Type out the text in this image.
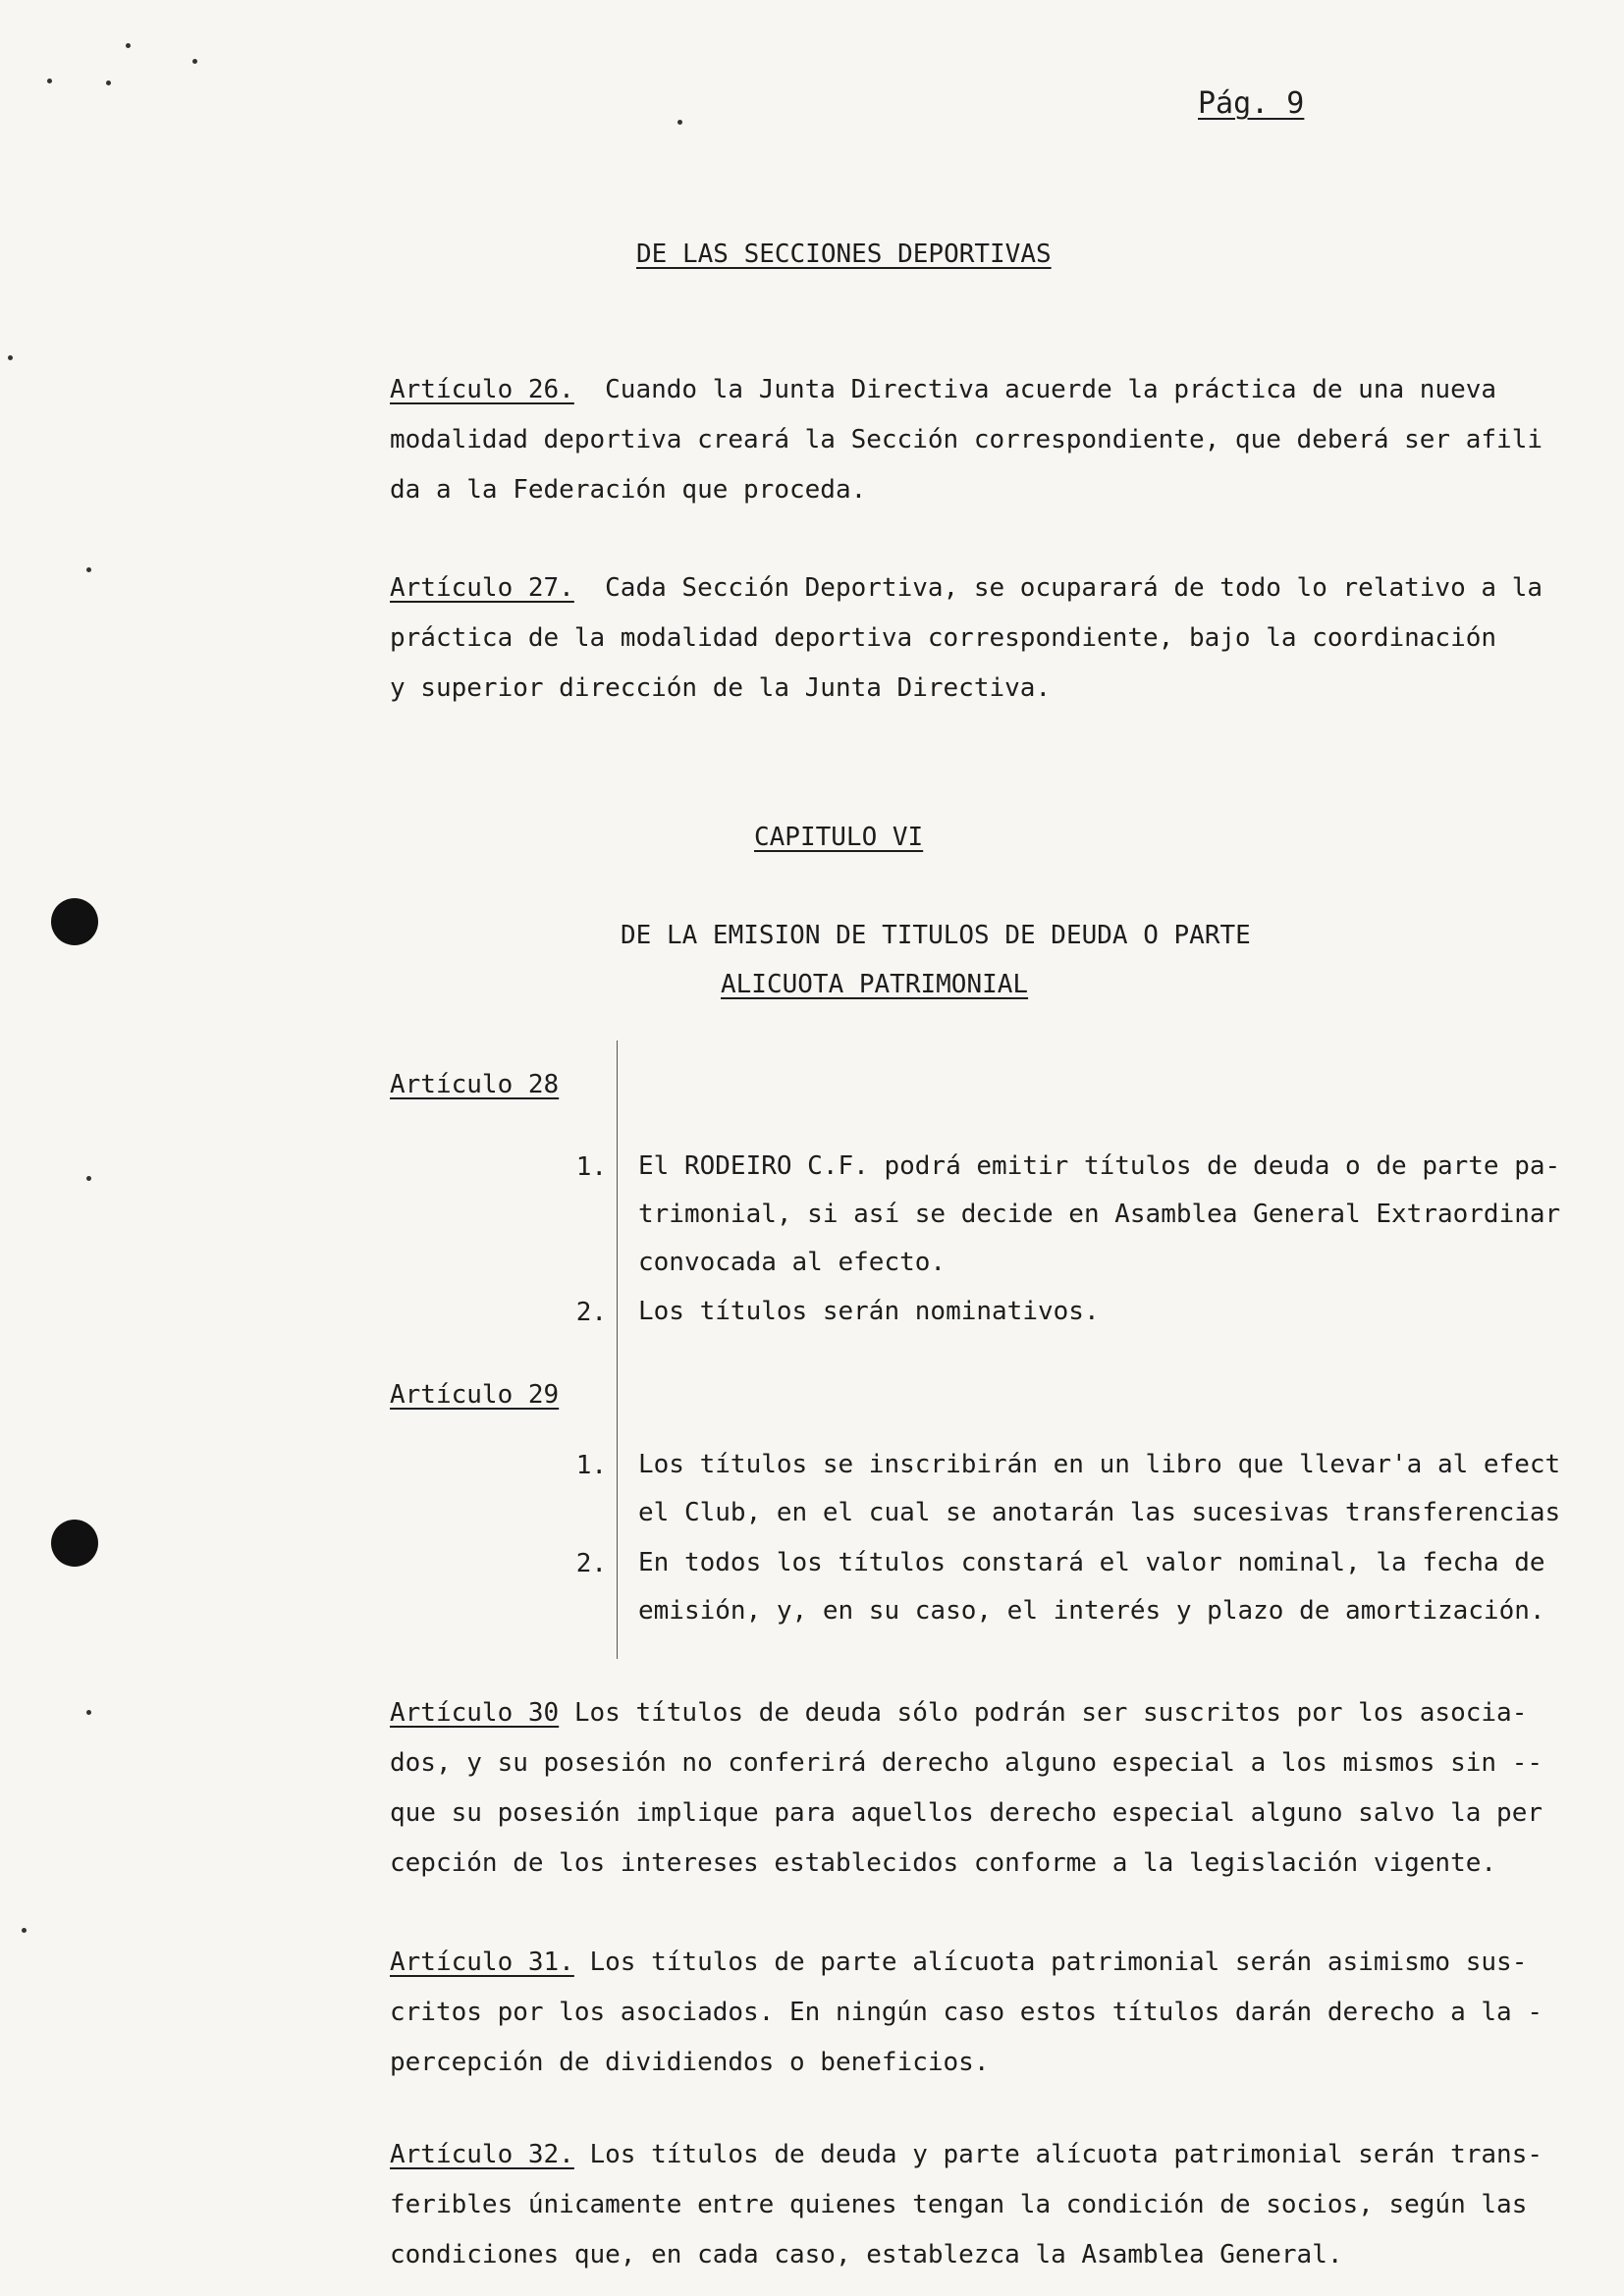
Pág. 9
DE LAS SECCIONES DEPORTIVAS

Artículo 26. Cuando la Junta Directiva acuerde la práctica de una nueva

modalidad deportiva creará la Sección correspondiente, que deberá ser afili

da a la Federación que proceda.

Artículo 27. Cada Sección Deportiva, se ocuparará de todo lo relativo a la

práctica de la modalidad deportiva correspondiente, bajo la coordinación

y superior dirección de la Junta Directiva.

CAPITULO VI
DE LA EMISION DE TITULOS DE DEUDA O PARTE
ALICUOTA PATRIMONIAL
Artículo 28
1. El RODEIRO C.F. podrá emitir títulos de deuda o de parte pa-

trimonial, si así se decide en Asamblea General Extraordinar

convocada al efecto.

2. Los títulos serán nominativos.

Artículo 29
1. Los títulos se inscribirán en un libro que llevar'a al efect

el Club, en el cual se anotarán las sucesivas transferencias

2. En todos los títulos constará el valor nominal, la fecha de

emisión, y, en su caso, el interés y plazo de amortización.

Artículo 30 Los títulos de deuda sólo podrán ser suscritos por los asocia-

dos, y su posesión no conferirá derecho alguno especial a los mismos sin --

que su posesión implique para aquellos derecho especial alguno salvo la per

cepción de los intereses establecidos conforme a la legislación vigente.

Artículo 31. Los títulos de parte alícuota patrimonial serán asimismo sus-

critos por los asociados. En ningún caso estos títulos darán derecho a la -

percepción de dividiendos o beneficios.

Artículo 32. Los títulos de deuda y parte alícuota patrimonial serán trans-

feribles únicamente entre quienes tengan la condición de socios, según las

condiciones que, en cada caso, establezca la Asamblea General.
